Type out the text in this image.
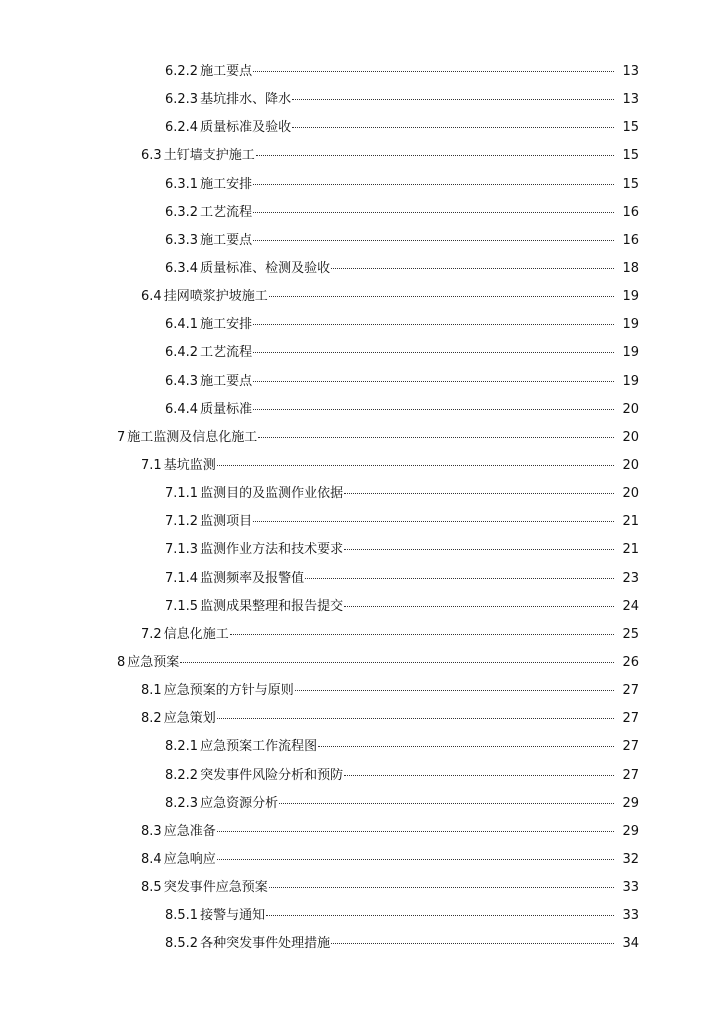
6.2.2 施工要点	13
6.2.3 基坑排水、降水	13
6.2.4 质量标准及验收	15
6.3 土钉墙支护施工	15
6.3.1 施工安排	15
6.3.2 工艺流程	16
6.3.3 施工要点	16
6.3.4 质量标准、检测及验收	18
6.4 挂网喷浆护坡施工	19
6.4.1 施工安排	19
6.4.2 工艺流程	19
6.4.3 施工要点	19
6.4.4 质量标准	20
7 施工监测及信息化施工	20
7.1 基坑监测	20
7.1.1 监测目的及监测作业依据	20
7.1.2 监测项目	21
7.1.3 监测作业方法和技术要求	21
7.1.4 监测频率及报警值	23
7.1.5 监测成果整理和报告提交	24
7.2 信息化施工	25
8 应急预案	26
8.1 应急预案的方针与原则	27
8.2 应急策划	27
8.2.1 应急预案工作流程图	27
8.2.2 突发事件风险分析和预防	27
8.2.3 应急资源分析	29
8.3 应急准备	29
8.4 应急响应	32
8.5 突发事件应急预案	33
8.5.1 接警与通知	33
8.5.2 各种突发事件处理措施	34
